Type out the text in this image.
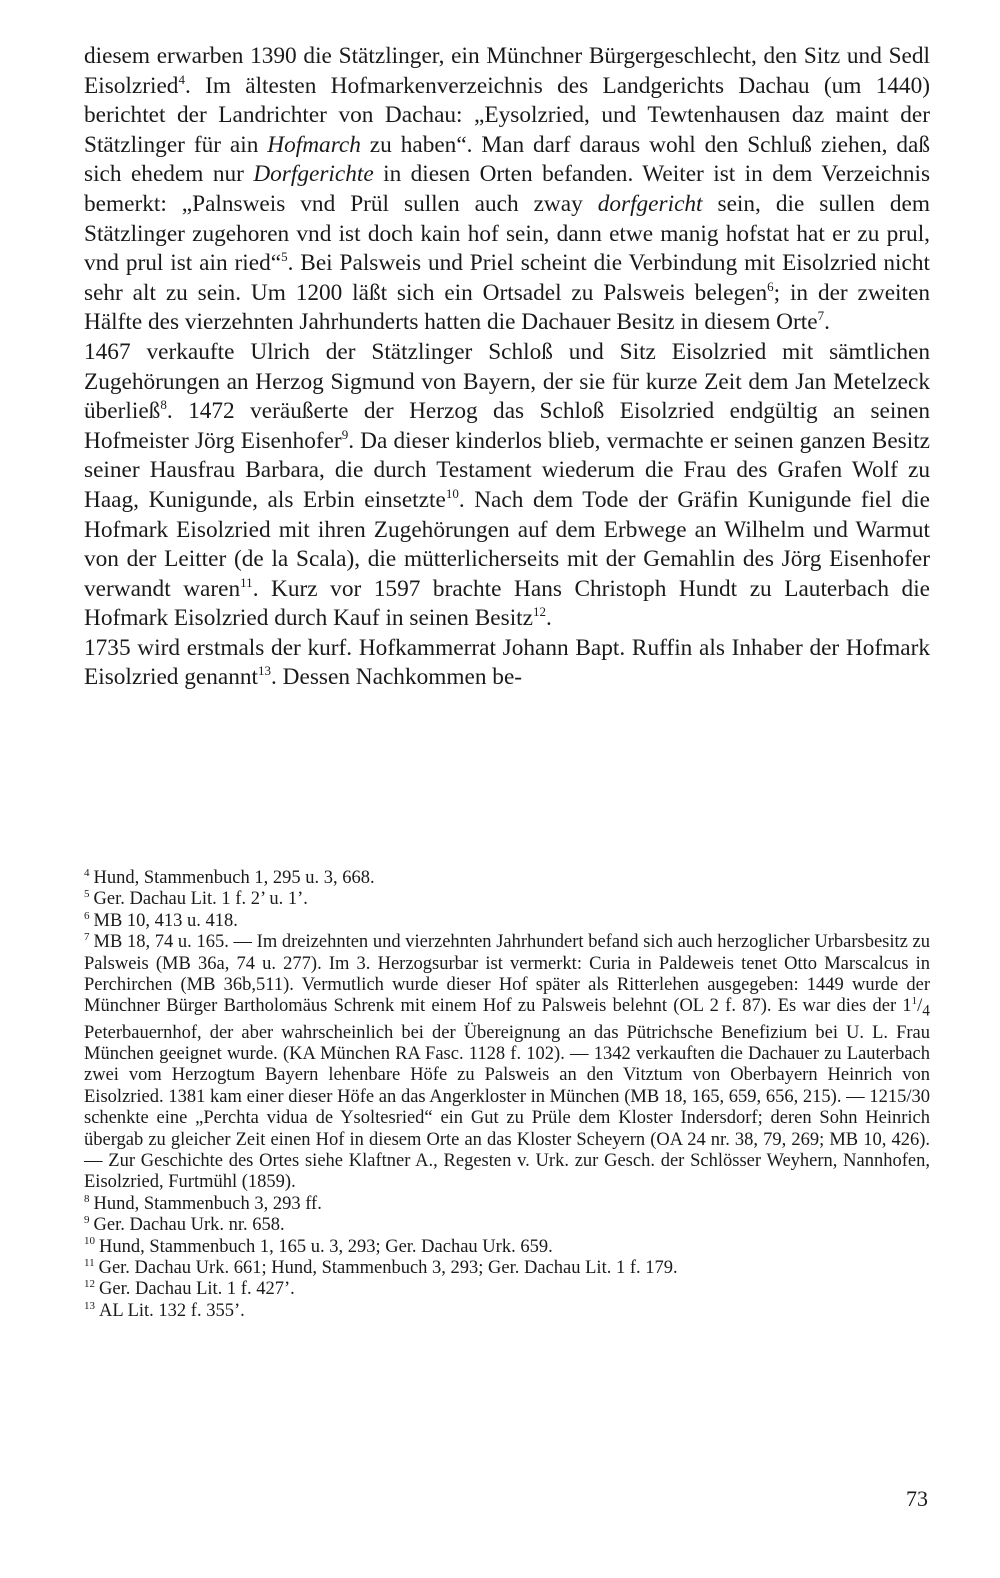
diesem erwarben 1390 die Stätzlinger, ein Münchner Bürgergeschlecht, den Sitz und Sedl Eisolzried$^4$. Im ältesten Hofmarkenverzeichnis des Landgerichts Dachau (um 1440) berichtet der Landrichter von Dachau: „Eysolzried, und Tewtenhausen daz maint der Stätzlinger für ain Hofmarch zu haben“. Man darf daraus wohl den Schluß ziehen, daß sich ehedem nur Dorfgerichte in diesen Orten befanden. Weiter ist in dem Verzeichnis bemerkt: „Palnsweis vnd Prül sullen auch zway dorfgericht sein, die sullen dem Stätzlinger zugehoren vnd ist doch kain hof sein, dann etwe manig hofstat hat er zu prul, vnd prul ist ain ried“$^5$. Bei Palsweis und Priel scheint die Verbindung mit Eisolzried nicht sehr alt zu sein. Um 1200 läßt sich ein Ortsadel zu Palsweis belegen$^6$; in der zweiten Hälfte des vierzehnten Jahrhunderts hatten die Dachauer Besitz in diesem Orte$^7$.

1467 verkaufte Ulrich der Stätzlinger Schloß und Sitz Eisolzried mit sämtlichen Zugehörungen an Herzog Sigmund von Bayern, der sie für kurze Zeit dem Jan Metelzeck überließ$^8$. 1472 veräußerte der Herzog das Schloß Eisolzried endgültig an seinen Hofmeister Jörg Eisenhofer$^9$. Da dieser kinderlos blieb, vermachte er seinen ganzen Besitz seiner Hausfrau Barbara, die durch Testament wiederum die Frau des Grafen Wolf zu Haag, Kunigunde, als Erbin einsetzte$^{10}$. Nach dem Tode der Gräfin Kunigunde fiel die Hofmark Eisolzried mit ihren Zugehörungen auf dem Erbwege an Wilhelm und Warmut von der Leitter (de la Scala), die mütterlicherseits mit der Gemahlin des Jörg Eisenhofer verwandt waren$^{11}$. Kurz vor 1597 brachte Hans Christoph Hundt zu Lauterbach die Hofmark Eisolzried durch Kauf in seinen Besitz$^{12}$.

1735 wird erstmals der kurf. Hofkammerrat Johann Bapt. Ruffin als Inhaber der Hofmark Eisolzried genannt$^{13}$. Dessen Nachkommen be-

$^4$ Hund, Stammenbuch 1, 295 u. 3, 668.

$^5$ Ger. Dachau Lit. 1 f. 2’ u. 1’.

$^6$ MB 10, 413 u. 418.

$^7$ MB 18, 74 u. 165. — Im dreizehnten und vierzehnten Jahrhundert befand sich auch herzoglicher Urbarsbesitz zu Palsweis (MB 36a, 74 u. 277). Im 3. Herzogsurbar ist vermerkt: Curia in Paldeweis tenet Otto Marscalcus in Perchirchen (MB 36b,511). Vermutlich wurde dieser Hof später als Ritterlehen ausgegeben: 1449 wurde der Münchner Bürger Bartholomäus Schrenk mit einem Hof zu Palsweis belehnt (OL 2 f. 87). Es war dies der $1^1/_4$ Peterbauernhof, der aber wahrscheinlich bei der Übereignung an das Pütrichsche Benefizium bei U. L. Frau München geeignet wurde. (KA München RA Fasc. 1128 f. 102). — 1342 verkauften die Dachauer zu Lauterbach zwei vom Herzogtum Bayern lehenbare Höfe zu Palsweis an den Vitztum von Oberbayern Heinrich von Eisolzried. 1381 kam einer dieser Höfe an das Angerkloster in München (MB 18, 165, 659, 656, 215). — 1215/30 schenkte eine „Perchta vidua de Ysoltesried“ ein Gut zu Prüle dem Kloster Indersdorf; deren Sohn Heinrich übergab zu gleicher Zeit einen Hof in diesem Orte an das Kloster Scheyern (OA 24 nr. 38, 79, 269; MB 10, 426). — Zur Geschichte des Ortes siehe Klaftner A., Regesten v. Urk. zur Gesch. der Schlösser Weyhern, Nannhofen, Eisolzried, Furtmühl (1859).

$^8$ Hund, Stammenbuch 3, 293 ff.

$^9$ Ger. Dachau Urk. nr. 658.

$^{10}$ Hund, Stammenbuch 1, 165 u. 3, 293; Ger. Dachau Urk. 659.

$^{11}$ Ger. Dachau Urk. 661; Hund, Stammenbuch 3, 293; Ger. Dachau Lit. 1 f. 179.

$^{12}$ Ger. Dachau Lit. 1 f. 427’.

$^{13}$ AL Lit. 132 f. 355’.

73
